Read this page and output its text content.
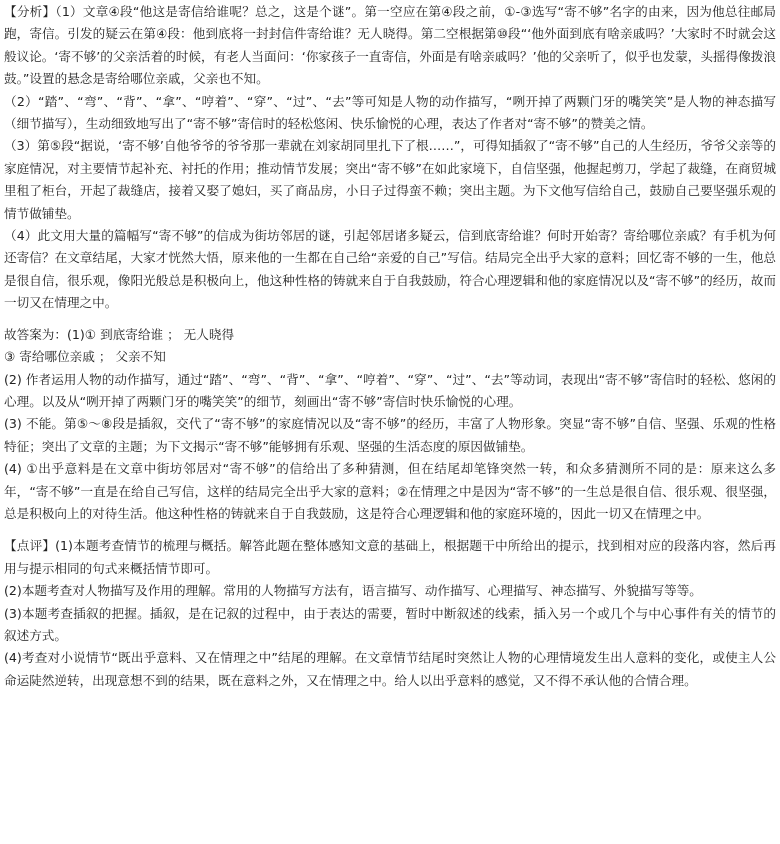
【分析】（1）文章④段“他这是寄信给谁呢？总之，这是个谜”。第一空应在第④段之前，①-③选写“寄不够”名字的由来，因为他总往邮局跑，寄信。引发的疑云在第④段：他到底将一封封信件寄给谁？无人晓得。第二空根据第⑩段“‘他外面到底有啥亲戚吗？’大家时不时就会这般议论。‘寄不够’的父亲活着的时候，有老人当面问：‘你家孩子一直寄信，外面是有啥亲戚吗？’他的父亲听了，似乎也发蒙，头摇得像拨浪鼓。”设置的悬念是寄给哪位亲戚，父亲也不知。

（2）“踏”、“弯”、“背”、“拿”、“哼着”、“穿”、“过”、“去”等可知是人物的动作描写，“咧开掉了两颗门牙的嘴笑笑”是人物的神态描写（细节描写），生动细致地写出了“寄不够”寄信时的轻松悠闲、快乐愉悦的心理，表达了作者对“寄不够”的赞美之情。

（3）第⑤段“据说，‘寄不够’自他爷爷的爷爷那一辈就在刘家胡同里扎下了根……”，可得知插叙了“寄不够”自己的人生经历，爷爷父亲等的家庭情况，对主要情节起补充、衬托的作用；推动情节发展；突出“寄不够”在如此家境下，自信坚强，他握起剪刀，学起了裁缝，在商贸城里租了柜台，开起了裁缝店，接着又娶了媳妇，买了商品房，小日子过得蛮不赖；突出主题。为下文他写信给自己，鼓励自己要坚强乐观的情节做铺垫。

（4）此文用大量的篇幅写“寄不够”的信成为街坊邻居的谜，引起邻居诸多疑云，信到底寄给谁？何时开始寄？寄给哪位亲戚？有手机为何还寄信？在文章结尾，大家才恍然大悟，原来他的一生都在自己给“亲爱的自己”写信。结局完全出乎大家的意料；回忆寄不够的一生，他总是很自信，很乐观，像阳光般总是积极向上，他这种性格的铸就来自于自我鼓励，符合心理逻辑和他的家庭情况以及“寄不够”的经历，故而一切又在情理之中。

故答案为：(1)① 到底寄给谁 ； 无人晓得

③ 寄给哪位亲戚 ； 父亲不知

(2) 作者运用人物的动作描写，通过“踏”、“弯”、“背”、“拿”、“哼着”、“穿”、“过”、“去”等动词，表现出“寄不够”寄信时的轻松、悠闲的心理。以及从“咧开掉了两颗门牙的嘴笑笑”的细节，刻画出“寄不够”寄信时快乐愉悦的心理。

(3) 不能。第⑤～⑧段是插叙，交代了“寄不够”的家庭情况以及“寄不够”的经历，丰富了人物形象。突显“寄不够”自信、坚强、乐观的性格特征；突出了文章的主题；为下文揭示“寄不够”能够拥有乐观、坚强的生活态度的原因做铺垫。

(4) ①出乎意料是在文章中街坊邻居对“寄不够”的信给出了多种猜测，但在结尾却笔锋突然一转，和众多猜测所不同的是：原来这么多年，“寄不够”一直是在给自己写信，这样的结局完全出乎大家的意料；②在情理之中是因为“寄不够”的一生总是很自信、很乐观、很坚强，总是积极向上的对待生活。他这种性格的铸就来自于自我鼓励，这是符合心理逻辑和他的家庭环境的，因此一切又在情理之中。

【点评】(1)本题考查情节的梳理与概括。解答此题在整体感知文意的基础上，根据题干中所给出的提示，找到相对应的段落内容，然后再用与提示相同的句式来概括情节即可。

(2)本题考查对人物描写及作用的理解。常用的人物描写方法有，语言描写、动作描写、心理描写、神态描写、外貌描写等等。

(3)本题考查插叙的把握。插叙，是在记叙的过程中，由于表达的需要，暂时中断叙述的线索，插入另一个或几个与中心事件有关的情节的叙述方式。

(4)考查对小说情节“既出乎意料、又在情理之中”结尾的理解。在文章情节结尾时突然让人物的心理情境发生出人意料的变化，或使主人公命运陡然逆转，出现意想不到的结果，既在意料之外，又在情理之中。给人以出乎意料的感觉，又不得不承认他的合情合理。
